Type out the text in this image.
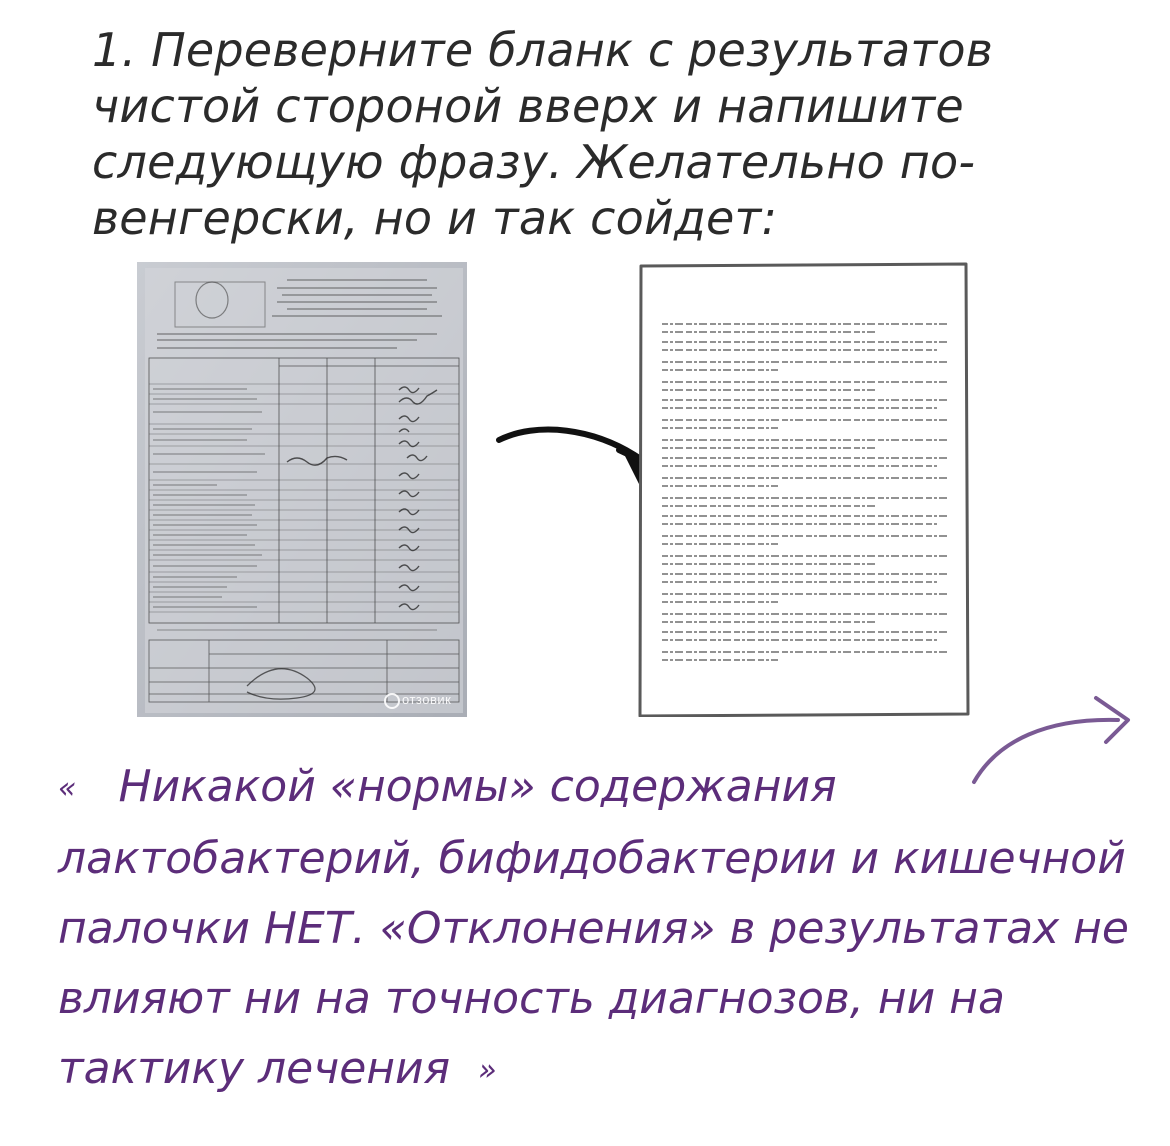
1. Переверните бланк с результатов чистой стороной вверх и напишите следующую фразу. Желательно по-венгерски, но и так сойдет:
отзовик
« Никакой «нормы» содержания лактобактерий, бифидобактерии и кишечной палочки НЕТ. «Отклонения» в результатах не влияют ни на точность диагнозов, ни на тактику лечения »
